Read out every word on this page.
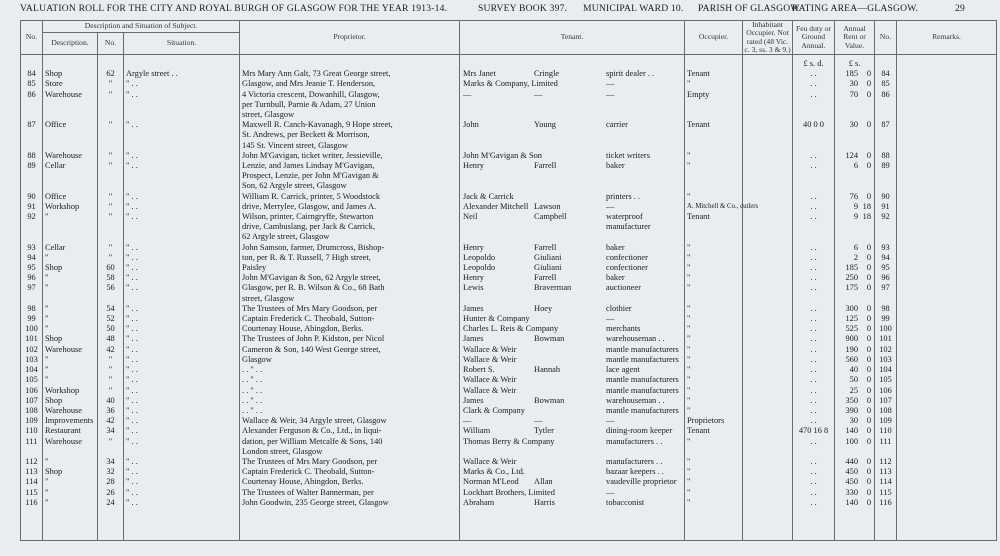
VALUATION ROLL FOR THE CITY AND ROYAL BURGH OF GLASGOW FOR THE YEAR 1913-14.	SURVEY BOOK 397. MUNICIPAL WARD 10. PARISH OF GLASGOW.
RATING AREA—GLASGOW.	29
No.	Description and Situation of Subject.			Proprietor.	Tenant.	Occupier.	Inhabitant Occupier. Not rated (48 Vic. c. 3, ss. 3 & 9.)	Feu duty or Ground Annual.	Annual Rent or Value.	No.	Remarks.
	Description.	No.	Situation.								

								£ s. d.	£ s.		
84	Shop	62	Argyle street . .	Mrs Mary Ann Galt, 73 Great George street,	Mrs Janet Cringle spirit dealer . .	Tenant		. .	185 0	84	
85	Store	"	" . .	Glasgow, and Mrs Jeanie T. Henderson,	Marks & Company, Limited —	"		. .	30 0	85	
86	Warehouse	"	" . .	4 Victoria crescent, Dowanhill, Glasgow,	— — —	Empty		. .	70 0	86	
				per Turnbull, Parnie & Adam, 27 Union	

				street, Glasgow	

87	Office	"	" . .	Maxwell R. Canch-Kavanagh, 9 Hope street,	John Young carrier	Tenant		40 0 0	30 0	87	
				St. Andrews, per Beckett & Morrison,	

				145 St. Vincent street, Glasgow	

88	Warehouse	"	" . .	John M'Gavigan, ticket writer, Jessieville,	John M'Gavigan & Son ticket writers	"		. .	124 0	88	
89	Cellar	"	" . .	Lenzie, and James Lindsay M'Gavigan,	Henry Farrell baker	"		. .	6 0	89	
				Prospect, Lenzie, per John M'Gavigan &	

				Son, 62 Argyle street, Glasgow	

90	Office	"	" . .	William R. Carrick, printer, 5 Woodstock	Jack & Carrick printers . .	"		. .	76 0	90	
91	Workshop	"	" . .	drive, Merrylee, Glasgow, and James A.	Alexander Mitchell Lawson —	A. Mitchell & Co., cutlers		. .	9 18	91	
92	"	"	" . .	Wilson, printer, Cairngryffe, Stewarton	Neil Campbell waterproof	Tenant		. .	9 18	92	
				drive, Cambuslang, per Jack & Carrick,	manufacturer						

				62 Argyle street, Glasgow	

93	Cellar	"	" . .	John Samson, farmer, Drumcross, Bishop-	Henry Farrell baker	"		. .	6 0	93	
94	"	"	" . .	ton, per R. & T. Russell, 7 High street,	Leopoldo Giuliani confectioner	"		. .	2 0	94	
95	Shop	60	" . .	Paisley	Leopoldo Giuliani confectioner	"		. .	185 0	95	
96	"	58	" . .	John M'Gavigan & Son, 62 Argyle street,	Henry Farrell baker	"		. .	250 0	96	
97	"	56	" . .	Glasgow, per R. B. Wilson & Co., 68 Bath	Lewis Braverman auctioneer	"		. .	175 0	97	
				street, Glasgow	

98	"	54	" . .	The Trustees of Mrs Mary Goodson, per	James Hoey clothier	"		. .	300 0	98	
99	"	52	" . .	Captain Frederick C. Theobald, Sutton-	Hunter & Company —	"		. .	125 0	99	
100	"	50	" . .	Courtenay House, Abingdon, Berks.	Charles L. Reis & Company merchants	"		. .	525 0	100	
101	Shop	48	" . .	The Trustees of John P. Kidston, per Nicol	James Bowman warehouseman . .	"		. .	900 0	101	
102	Warehouse	42	" . .	Cameron & Son, 140 West George street,	Wallace & Weir mantle manufacturers	"		. .	190 0	102	
103	"	"	" . .	Glasgow	Wallace & Weir mantle manufacturers	"		. .	560 0	103	
104	"	"	" . .	. . " . .	Robert S. Hannah lace agent	"		. .	40 0	104	
105	"	"	" . .	. . " . .	Wallace & Weir mantle manufacturers	"		. .	50 0	105	
106	Workshop	"	" . .	. . " . .	Wallace & Weir mantle manufacturers	"		. .	25 0	106	
107	Shop	40	" . .	. . " . .	James Bowman warehouseman . .	"		. .	350 0	107	
108	Warehouse	36	" . .	. . " . .	Clark & Company mantle manufacturers	"		. .	390 0	108	
109	Improvements	42	" . .	Wallace & Weir, 34 Argyle street, Glasgow	— — —	Proprietors		. .	30 0	109	
110	Restaurant	34	" . .	Alexander Ferguson & Co., Ltd., in liqui-	William Tytler dining-room keeper	Tenant		470 16 8	140 0	110	
111	Warehouse	"	" . .	dation, per William Metcalfe & Sons, 140	Thomas Berry & Company manufacturers . .	"		. .	100 0	111	
				London street, Glasgow	

112	"	34	" . .	The Trustees of Mrs Mary Goodson, per	Wallace & Weir manufacturers . .	"		. .	440 0	112	
113	Shop	32	" . .	Captain Frederick C. Theobald, Sutton-	Marks & Co., Ltd. bazaar keepers . .	"		. .	450 0	113	
114	"	28	" . .	Courtenay House, Abingdon, Berks.	Norman M'Leod Allan vaudeville proprietor	"		. .	450 0	114	
115	"	26	" . .	The Trustees of Walter Bannerman, per	Lockhart Brothers, Limited —	"		. .	330 0	115	
116	"	24	" . .	John Goodwin, 235 George street, Glasgow	Abraham Harris tobacconist	"		. .	140 0	116	
